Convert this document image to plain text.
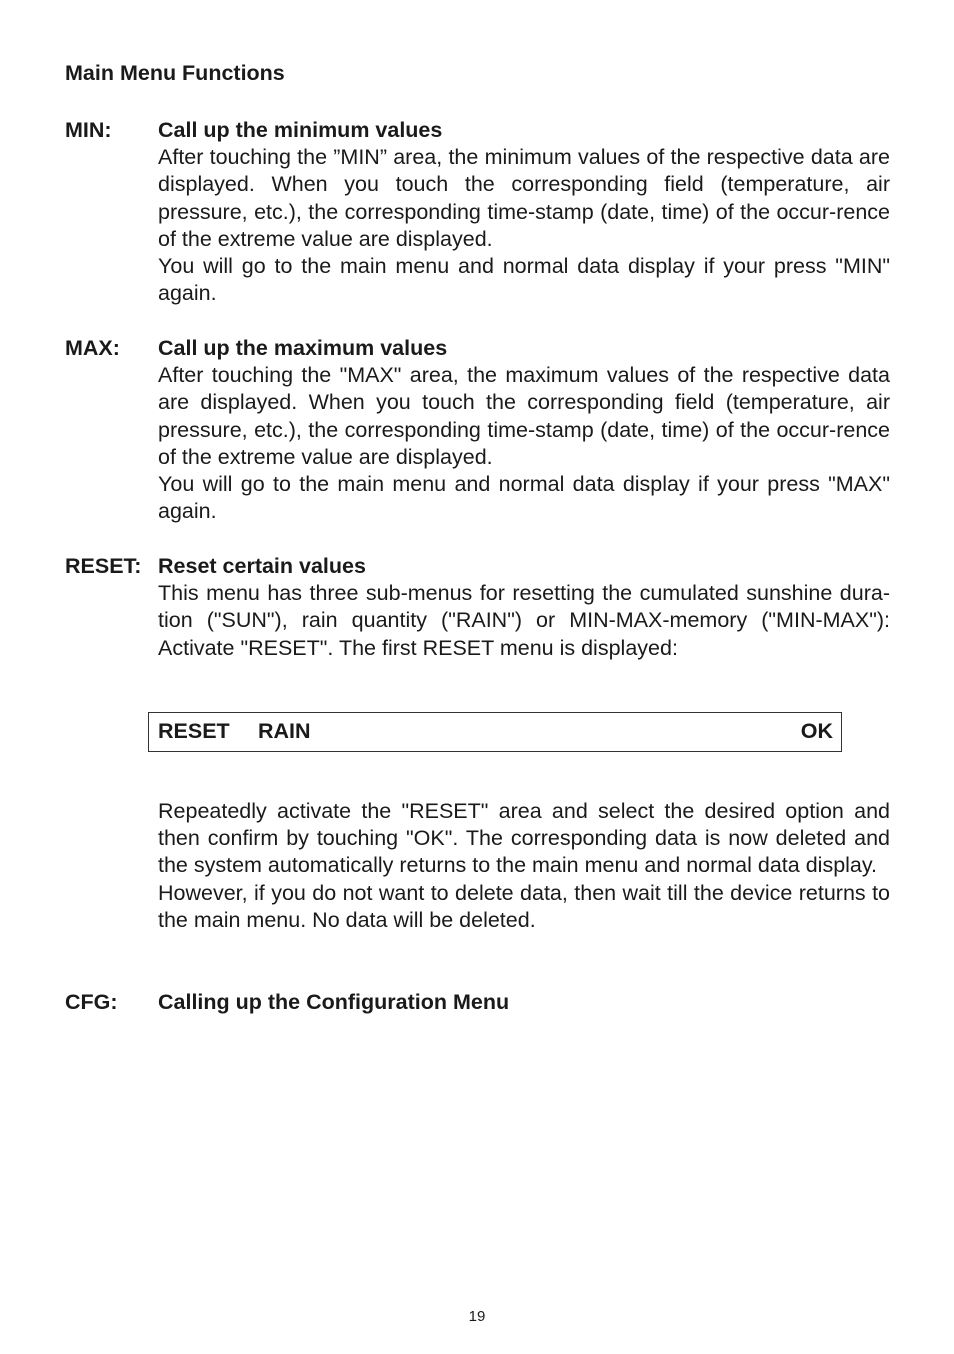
Main Menu Functions
MIN: Call up the minimum values
After touching the ”MIN” area, the minimum values of the respective data are displayed. When you touch the corresponding field (temperature, air pressure, etc.), the corresponding time-stamp (date, time) of the occur-rence of the extreme value are displayed.
You will go to the main menu and normal data display if your press "MIN" again.
MAX: Call up the maximum values
After touching the "MAX" area, the maximum values of the respective data are displayed. When you touch the corresponding field (temperature, air pressure, etc.), the corresponding time-stamp (date, time) of the occur-rence of the extreme value are displayed.
You will go to the main menu and normal data display if your press "MAX" again.
RESET: Reset certain values
This menu has three sub-menus for resetting the cumulated sunshine dura-tion ("SUN"), rain quantity ("RAIN") or MIN-MAX-memory ("MIN-MAX"): Activate "RESET". The first RESET menu is displayed:
RESET RAIN	OK
Repeatedly activate the "RESET" area and select the desired option and then confirm by touching "OK". The corresponding data is now deleted and the system automatically returns to the main menu and normal data display.
However, if you do not want to delete data, then wait till the device returns to the main menu. No data will be deleted.
CFG: Calling up the Configuration Menu
19
